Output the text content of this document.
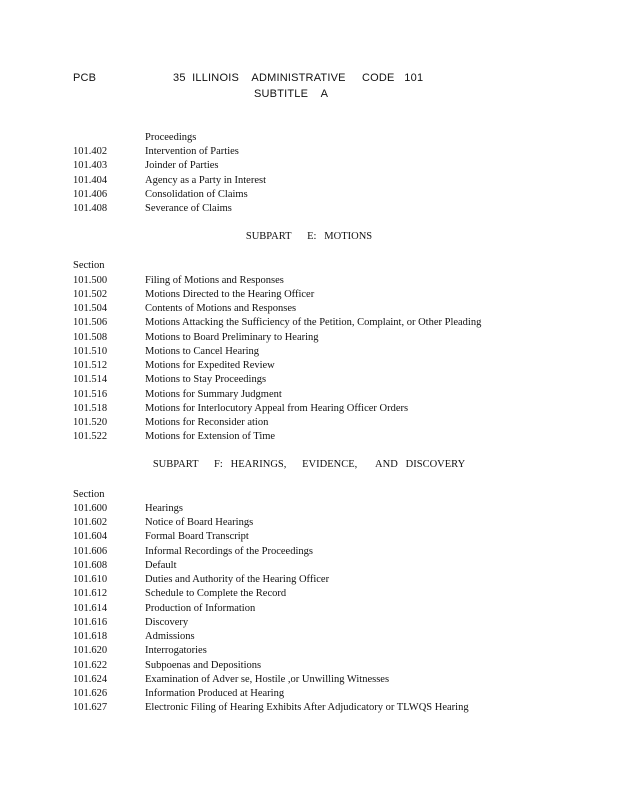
PCB	35  ILLINOIS    ADMINISTRATIVE     CODE   101
SUBTITLE    A
Proceedings
101.402	Intervention of Parties
101.403	Joinder of Parties
101.404	Agency as a Party in Interest
101.406	Consolidation of Claims
101.408	Severance of Claims
SUBPART      E:   MOTIONS
Section
101.500	Filing of Motions and Responses
101.502	Motions Directed to the Hearing Officer
101.504	Contents of Motions and Responses
101.506	Motions Attacking the Sufficiency of the Petition, Complaint, or Other Pleading
101.508	Motions to Board Preliminary to Hearing
101.510	Motions to Cancel Hearing
101.512	Motions for Expedited Review
101.514	Motions to Stay Proceedings
101.516	Motions for Summary Judgment
101.518	Motions for Interlocutory Appeal from Hearing Officer Orders
101.520	Motions for Reconsider ation
101.522	Motions for Extension of Time
SUBPART      F:   HEARINGS,      EVIDENCE,       AND   DISCOVERY
Section
101.600	Hearings
101.602	Notice of Board Hearings
101.604	Formal Board Transcript
101.606	Informal Recordings of the Proceedings
101.608	Default
101.610	Duties and Authority of the Hearing Officer
101.612	Schedule to Complete the Record
101.614	Production of Information
101.616	Discovery
101.618	Admissions
101.620	Interrogatories
101.622	Subpoenas and Depositions
101.624	Examination of Adver se, Hostile ,or Unwilling Witnesses
101.626	Information Produced at Hearing
101.627	Electronic Filing of Hearing Exhibits After Adjudicatory or TLWQS Hearing
